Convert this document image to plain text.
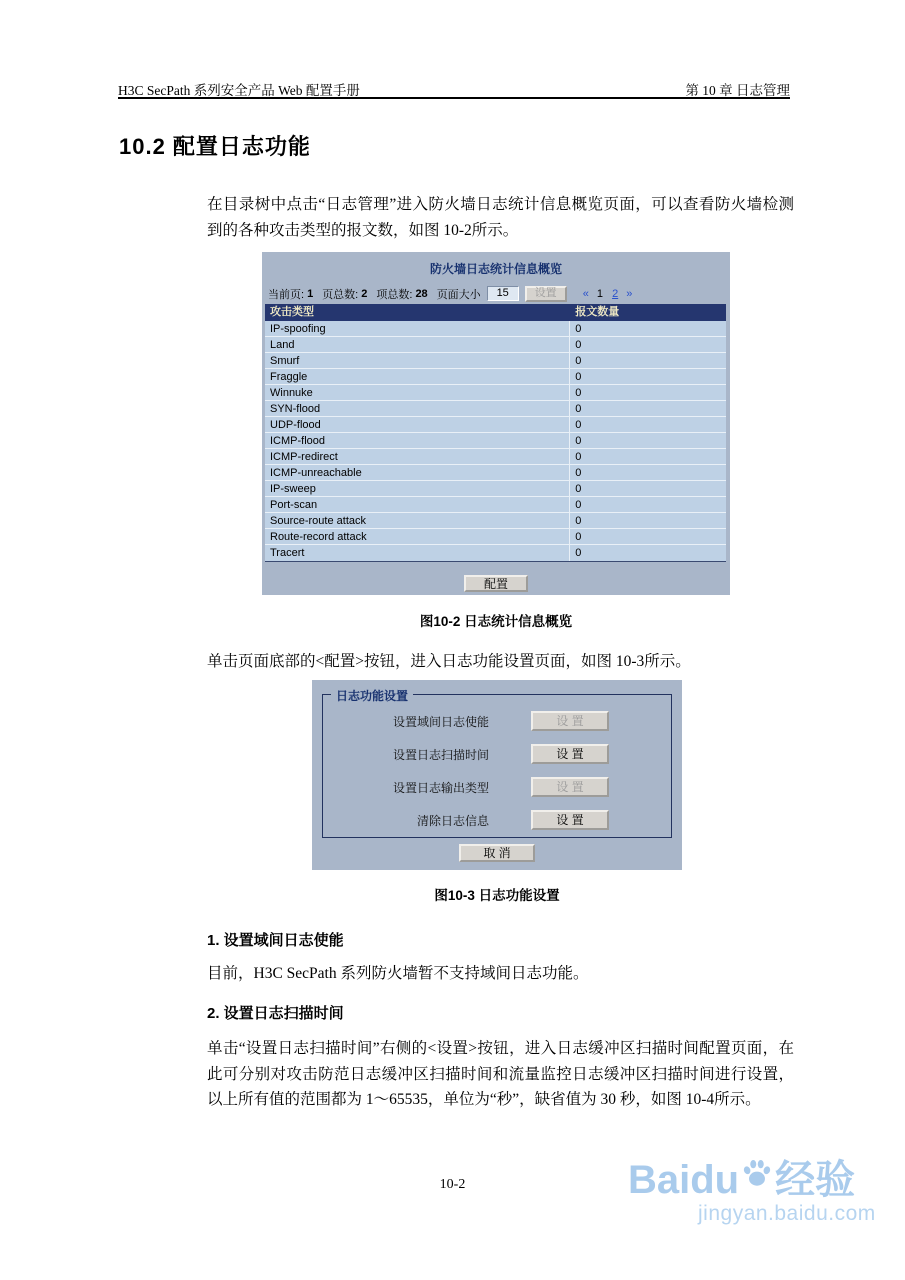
H3C SecPath 系列安全产品 Web 配置手册	第 10 章 日志管理
10.2 配置日志功能
在目录树中点击“日志管理”进入防火墙日志统计信息概览页面，可以查看防火墙检测到的各种攻击类型的报文数，如图 10-2所示。
防火墙日志统计信息概览
当前页: 1 页总数: 2 项总数: 28 页面大小	15	设置	« 1 2 »
攻击类型	报文数量
IP-spoofing	0
Land	0
Smurf	0
Fraggle	0
Winnuke	0
SYN-flood	0
UDP-flood	0
ICMP-flood	0
ICMP-redirect	0
ICMP-unreachable	0
IP-sweep	0
Port-scan	0
Source-route attack	0
Route-record attack	0
Tracert	0
配置
图10-2 日志统计信息概览
单击页面底部的<配置>按钮，进入日志功能设置页面，如图 10-3所示。
日志功能设置
设置域间日志使能	设 置
设置日志扫描时间	设 置
设置日志输出类型	设 置
清除日志信息	设 置
取 消
图10-3 日志功能设置
1. 设置域间日志使能
目前，H3C SecPath 系列防火墙暂不支持域间日志功能。
2. 设置日志扫描时间
单击“设置日志扫描时间”右侧的<设置>按钮，进入日志缓冲区扫描时间配置页面，在此可分别对攻击防范日志缓冲区扫描时间和流量监控日志缓冲区扫描时间进行设置，以上所有值的范围都为 1～65535，单位为“秒”，缺省值为 30 秒，如图 10-4所示。
10-2	Baidu 经验
jingyan.baidu.com
